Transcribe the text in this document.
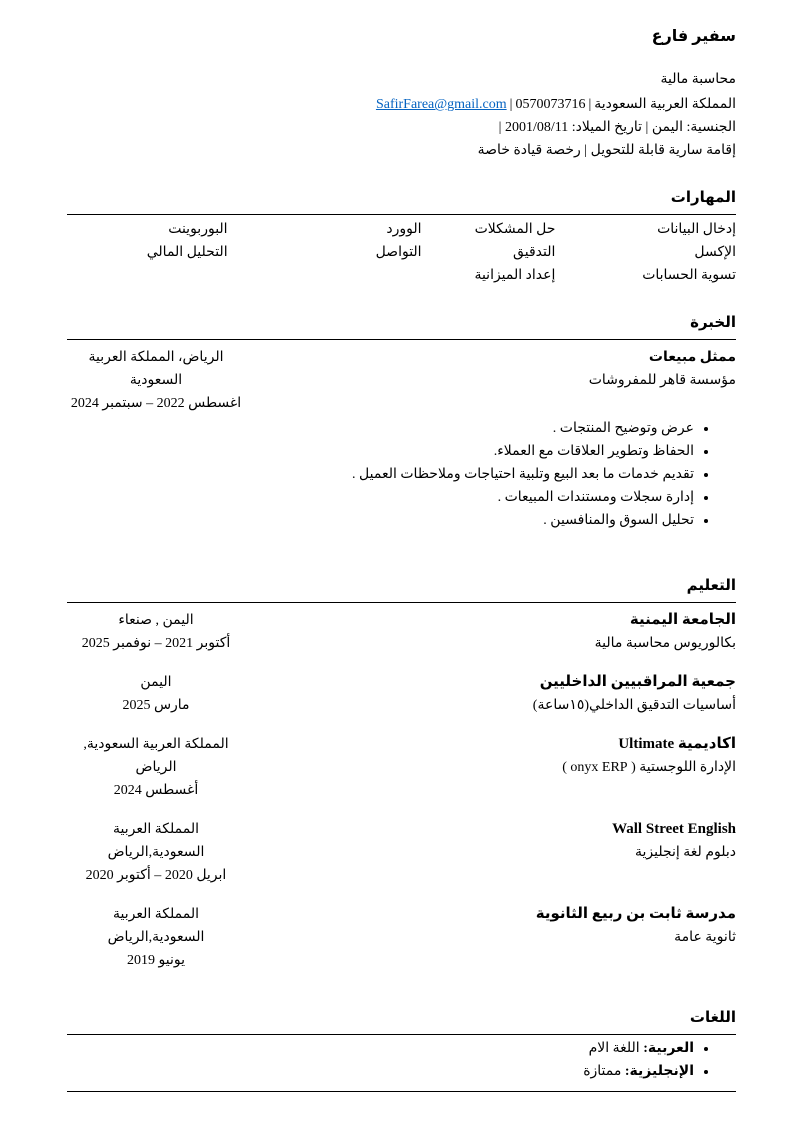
سفير فارع
محاسبة مالية
المملكة العربية السعودية|0570073716|SafirFarea@gmail.com
الجنسية: اليمن | تاريخ الميلاد: 2001/08/11 |
إقامة سارية قابلة للتحويل | رخصة قيادة خاصة
المهارات
إدخال البيانات	حل المشكلات	الوورد	البوربوينت
الإكسل	التدقيق	التواصل	التحليل المالي
تسوية الحسابات	إعداد الميزانية		
الخبرة
ممثل مبيعات
مؤسسة قاهر للمفروشات
الرياض، المملكة العربية السعودية
اغسطس 2022 – سبتمبر 2024
• عرض وتوضيح المنتجات .
• الحفاظ وتطوير العلاقات مع العملاء.
• تقديم خدمات ما بعد البيع وتلبية احتياجات وملاحظات العميل .
• إدارة سجلات ومستندات المبيعات .
• تحليل السوق والمنافسين .
التعليم
الجامعة اليمنية
بكالوريوس محاسبة مالية
اليمن , صنعاء
أكتوبر 2021 – نوفمبر 2025
جمعية المراقبيين الداخليين
أساسيات التدقيق الداخلي(١٥ساعة)
اليمن
مارس 2025
اكاديمية Ultimate
الإدارة اللوجستية ( onyx ERP )
المملكة العربية السعودية, الرياض
أغسطس 2024
Wall Street English
دبلوم لغة إنجليزية
المملكة العربية السعودية,الرياض
ابريل 2020 – أكتوبر 2020
مدرسة ثابت بن ربيع الثانوية
ثانوية عامة
المملكة العربية السعودية,الرياض
يونيو 2019
اللغات
• العربية: اللغة الام
• الإنجليزية: ممتازة
